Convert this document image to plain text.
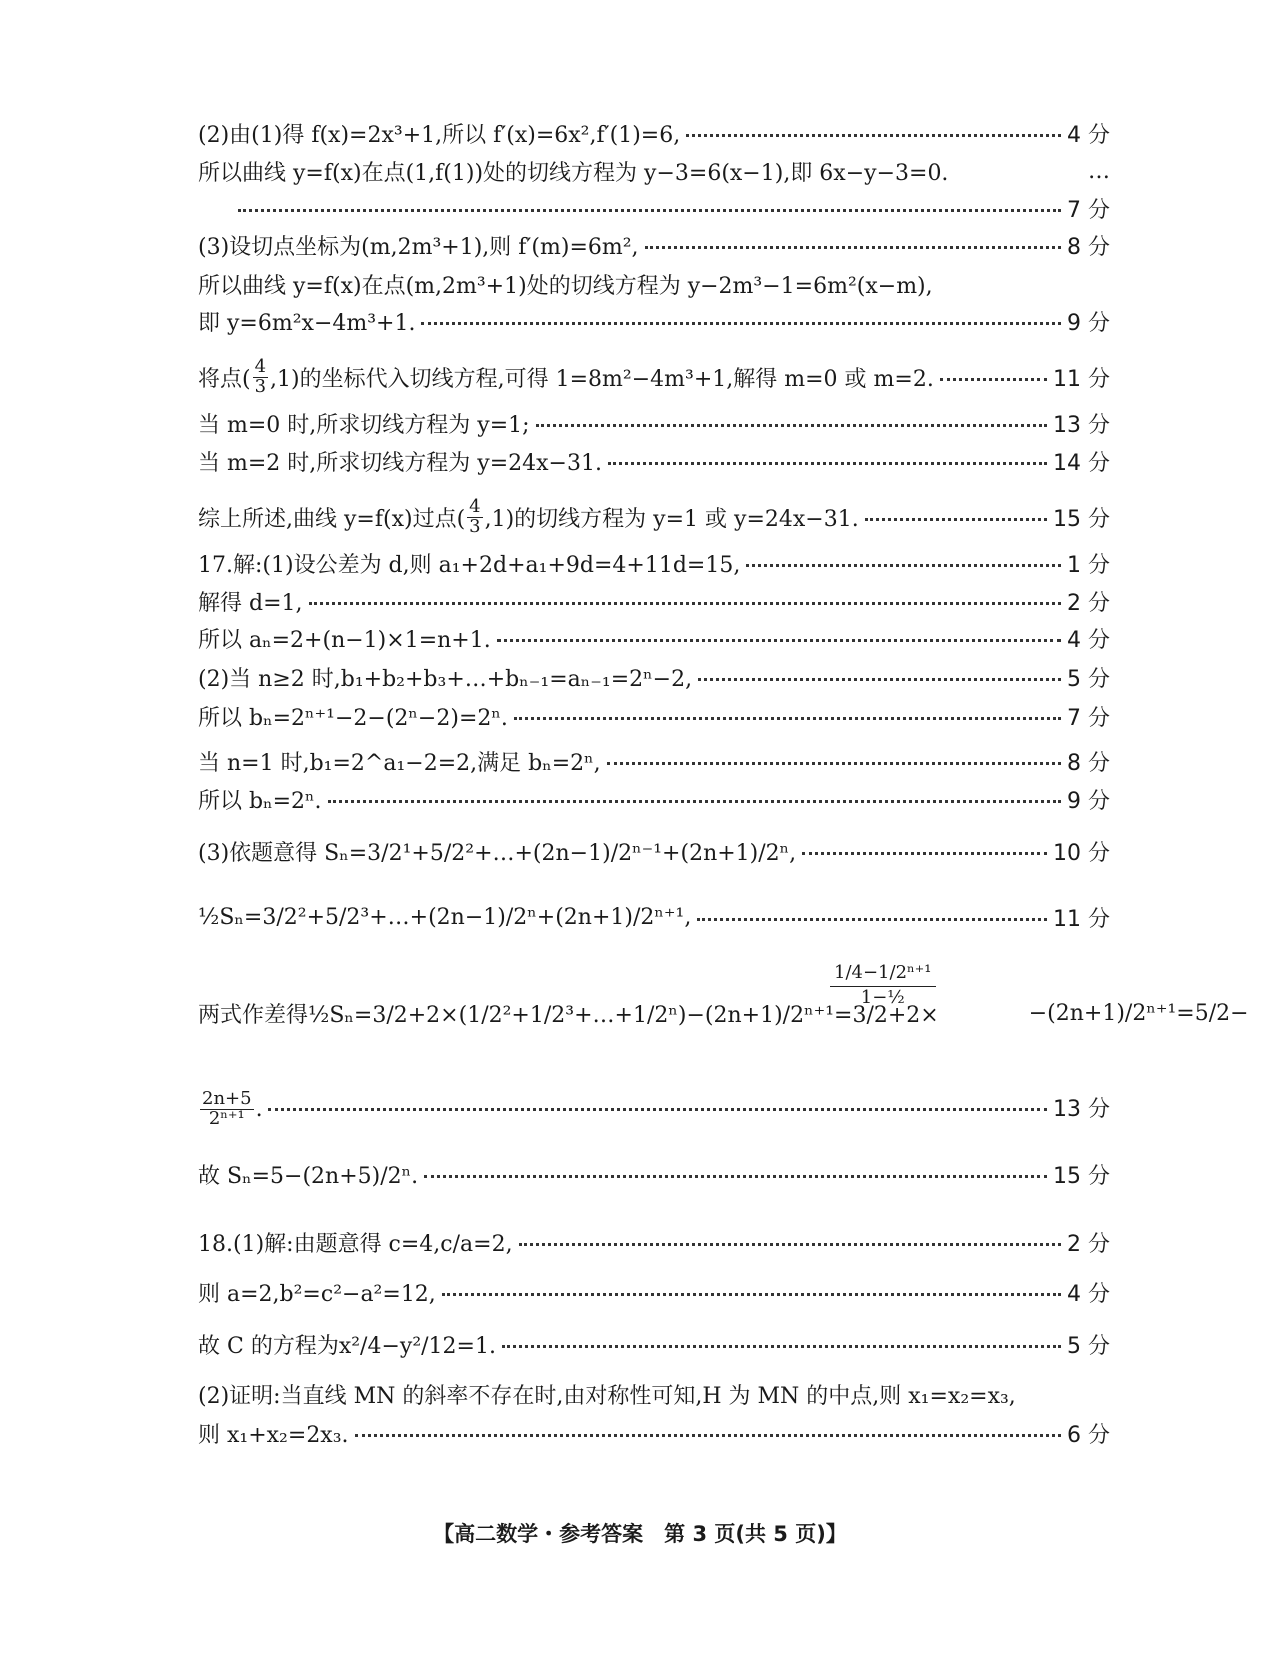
(2)由(1)得 f(x)=2x³+1,所以 f′(x)=6x²,f′(1)=6,	4 分
所以曲线 y=f(x)在点(1,f(1))处的切线方程为 y−3=6(x−1),即 6x−y−3=0.	…
7 分
(3)设切点坐标为(m,2m³+1),则 f′(m)=6m²,	8 分
所以曲线 y=f(x)在点(m,2m³+1)处的切线方程为 y−2m³−1=6m²(x−m),
即 y=6m²x−4m³+1.	9 分
将点( $\frac{4}{3} ,1$)的坐标代入切线方程,可得 1=8m²−4m³+1,解得 m=0 或 m=2.	11 分
当 m=0 时,所求切线方程为 y=1;	13 分
当 m=2 时,所求切线方程为 y=24x−31.	14 分
综上所述,曲线 y=f(x)过点( $\frac{4}{3} ,1$)的切线方程为 y=1 或 y=24x−31.	15 分
17.解:(1)设公差为 d,则 a₁+2d+a₁+9d=4+11d=15,	1 分
解得 d=1,	2 分
所以 aₙ=2+(n−1)×1=n+1.	4 分
(2)当 n≥2 时,b₁+b₂+b₃+…+bₙ₋₁=aₙ₋₁=2ⁿ−2,	5 分
所以 bₙ=2ⁿ⁺¹−2−(2ⁿ−2)=2ⁿ.	7 分
当 n=1 时,b₁=2^a₁−2=2,满足 bₙ=2ⁿ,	8 分
所以 bₙ=2ⁿ.	9 分
(3)依题意得 Sₙ=3/2¹+5/2²+…+(2n−1)/2ⁿ⁻¹+(2n+1)/2ⁿ,	10 分
½Sₙ=3/2²+5/2³+…+(2n−1)/2ⁿ+(2n+1)/2ⁿ⁺¹,	11 分
两式作差得½Sₙ=3/2+2×(1/2²+1/2³+…+1/2ⁿ)−(2n+1)/2ⁿ⁺¹=3/2+2×	−(2n+1)/2ⁿ⁺¹=5/2−
13 分
故 Sₙ=5−(2n+5)/2ⁿ.	15 分
18.(1)解:由题意得 c=4,c/a=2,	2 分
则 a=2,b²=c²−a²=12,	4 分
故 C 的方程为x²/4−y²/12=1.	5 分
(2)证明:当直线 MN 的斜率不存在时,由对称性可知,H 为 MN 的中点,则 x₁=x₂=x₃,
则 x₁+x₂=2x₃.	6 分
1/4−1/2ⁿ⁺¹
1−½
$\frac{2n+5}{\text{2ⁿ⁺¹}}$ .
【高二数学・参考答案　第 3 页(共 5 页)】
